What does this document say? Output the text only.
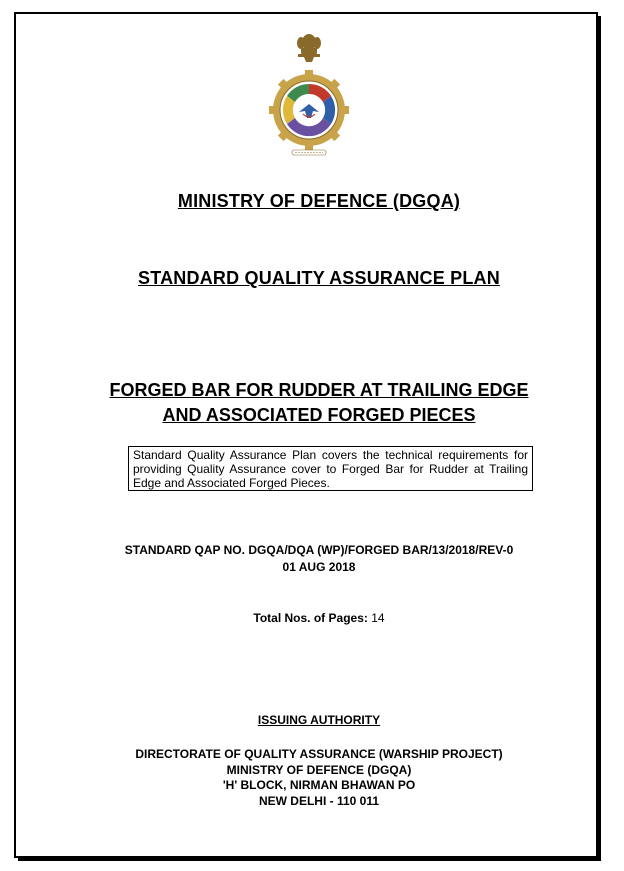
MINISTRY OF DEFENCE (DGQA)
STANDARD QUALITY ASSURANCE PLAN
FORGED BAR FOR RUDDER AT TRAILING EDGE
AND ASSOCIATED FORGED PIECES
Standard Quality Assurance Plan covers the technical requirements for providing Quality Assurance cover to Forged Bar for Rudder at Trailing Edge and Associated Forged Pieces.
STANDARD QAP NO. DGQA/DQA (WP)/FORGED BAR/13/2018/REV-0
01 AUG 2018
Total Nos. of Pages: 14
ISSUING AUTHORITY
DIRECTORATE OF QUALITY ASSURANCE (WARSHIP PROJECT)
MINISTRY OF DEFENCE (DGQA)
'H' BLOCK, NIRMAN BHAWAN PO
NEW DELHI - 110 011
